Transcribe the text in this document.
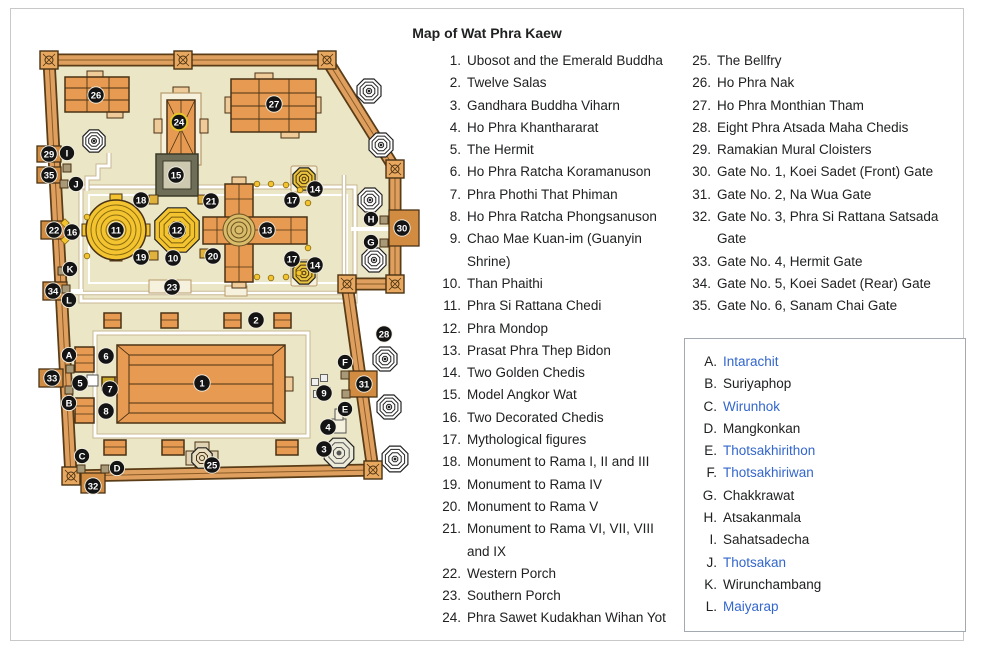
Map of Wat Phra Kaew
1
2
3
4
5
6
7
8
9
10
11	12	13
14
14
15
16
17
17
18
19	20
21
22
23
24
25
26
27
28
29
30
31
32
33
34
35
A
B
C
D
E
F
G
H
I
J
K
L
1. Ubosot and the Emerald Buddha
2. Twelve Salas
3. Gandhara Buddha Viharn
4. Ho Phra Khanthararat
5. The Hermit
6. Ho Phra Ratcha Koramanuson
7. Phra Phothi That Phiman
8. Ho Phra Ratcha Phongsanuson
9. Chao Mae Kuan-im (Guanyin Shrine)
10. Than Phaithi
11. Phra Si Rattana Chedi
12. Phra Mondop
13. Prasat Phra Thep Bidon
14. Two Golden Chedis
15. Model Angkor Wat
16. Two Decorated Chedis
17. Mythological figures
18. Monument to Rama I, II and III
19. Monument to Rama IV
20. Monument to Rama V
21. Monument to Rama VI, VII, VIII and IX
22. Western Porch
23. Southern Porch
24. Phra Sawet Kudakhan Wihan Yot
25. The Bellfry
26. Ho Phra Nak
27. Ho Phra Monthian Tham
28. Eight Phra Atsada Maha Chedis
29. Ramakian Mural Cloisters
30. Gate No. 1, Koei Sadet (Front) Gate
31. Gate No. 2, Na Wua Gate
32. Gate No. 3, Phra Si Rattana Satsada Gate
33. Gate No. 4, Hermit Gate
34. Gate No. 5, Koei Sadet (Rear) Gate
35. Gate No. 6, Sanam Chai Gate
A. Intarachit
B. Suriyaphop
C. Wirunhok
D. Mangkonkan
E. Thotsakhirithon
F. Thotsakhiriwan
G. Chakkrawat
H. Atsakanmala
I. Sahatsadecha
J. Thotsakan
K. Wirunchambang
L. Maiyarap
